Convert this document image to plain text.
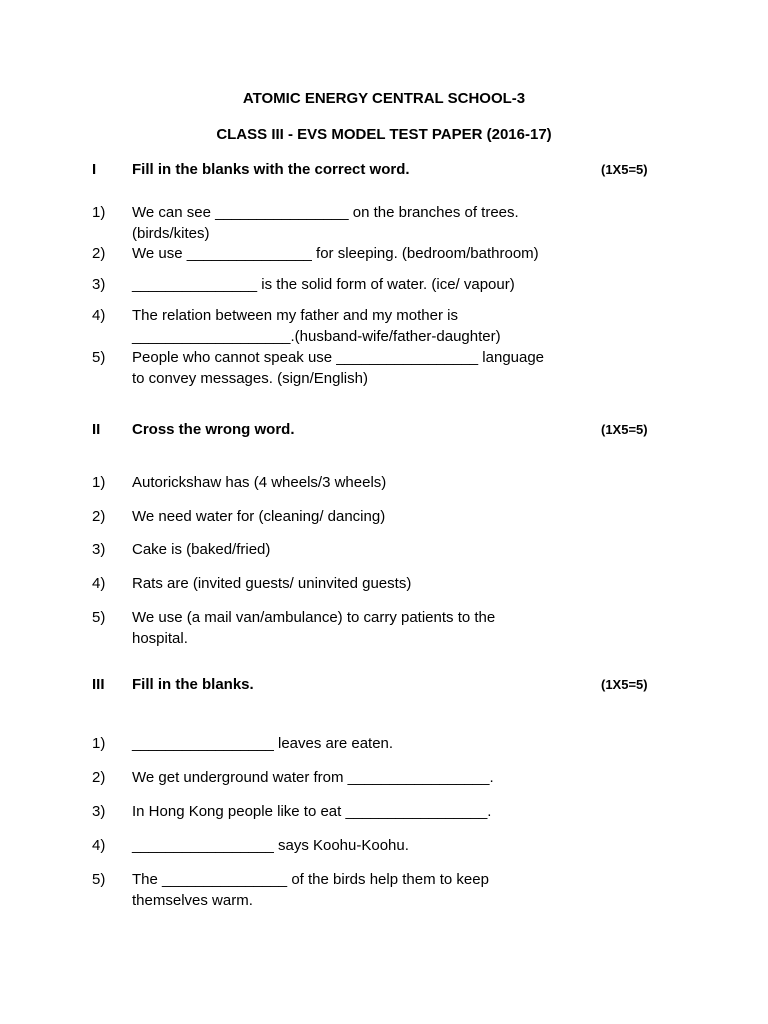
ATOMIC ENERGY CENTRAL SCHOOL-3
CLASS III - EVS MODEL TEST PAPER (2016-17)
I Fill in the blanks with the correct word.	(1X5=5)
1) We can see ________________ on the branches of trees.
(birds/kites)
2) We use _______________ for sleeping. (bedroom/bathroom)
3) _______________ is the solid form of water. (ice/ vapour)
4) The relation between my father and my mother is
___________________.(husband-wife/father-daughter)
5) People who cannot speak use _________________ language
to convey messages. (sign/English)
II Cross the wrong word.	(1X5=5)
1) Autorickshaw has (4 wheels/3 wheels)
2) We need water for (cleaning/ dancing)
3) Cake is (baked/fried)
4) Rats are (invited guests/ uninvited guests)
5) We use (a mail van/ambulance) to carry patients to the
hospital.
III Fill in the blanks.	(1X5=5)
1) _________________ leaves are eaten.
2) We get underground water from _________________.
3) In Hong Kong people like to eat _________________.
4) _________________ says Koohu-Koohu.
5) The _______________ of the birds help them to keep
themselves warm.
